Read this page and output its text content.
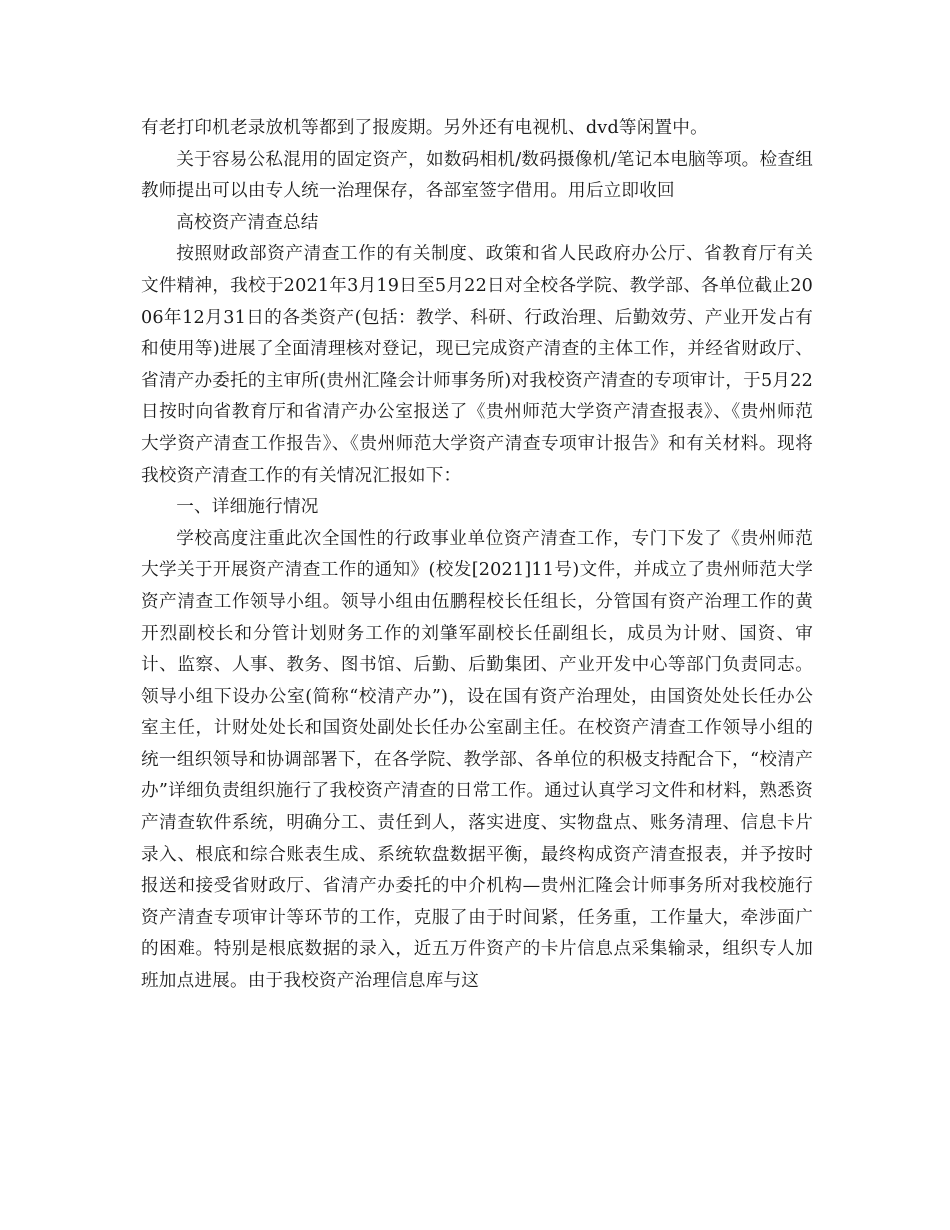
有老打印机老录放机等都到了报废期。另外还有电视机、dvd等闲置中。

关于容易公私混用的固定资产，如数码相机/数码摄像机/笔记本电脑等项。检查组教师提出可以由专人统一治理保存，各部室签字借用。用后立即收回

高校资产清查总结

按照财政部资产清查工作的有关制度、政策和省人民政府办公厅、省教育厅有关文件精神，我校于2021年3月19日至5月22日对全校各学院、教学部、各单位截止2006年12月31日的各类资产(包括：教学、科研、行政治理、后勤效劳、产业开发占有和使用等)进展了全面清理核对登记，现已完成资产清查的主体工作，并经省财政厅、省清产办委托的主审所(贵州汇隆会计师事务所)对我校资产清查的专项审计，于5月22日按时向省教育厅和省清产办公室报送了《贵州师范大学资产清查报表》、《贵州师范大学资产清查工作报告》、《贵州师范大学资产清查专项审计报告》和有关材料。现将我校资产清查工作的有关情况汇报如下：

一、详细施行情况

学校高度注重此次全国性的行政事业单位资产清查工作，专门下发了《贵州师范大学关于开展资产清查工作的通知》(校发[2021]11号)文件，并成立了贵州师范大学资产清查工作领导小组。领导小组由伍鹏程校长任组长，分管国有资产治理工作的黄开烈副校长和分管计划财务工作的刘肇军副校长任副组长，成员为计财、国资、审计、监察、人事、教务、图书馆、后勤、后勤集团、产业开发中心等部门负责同志。领导小组下设办公室(简称“校清产办”)，设在国有资产治理处，由国资处处长任办公室主任，计财处处长和国资处副处长任办公室副主任。在校资产清查工作领导小组的统一组织领导和协调部署下，在各学院、教学部、各单位的积极支持配合下，“校清产办”详细负责组织施行了我校资产清查的日常工作。通过认真学习文件和材料，熟悉资产清查软件系统，明确分工、责任到人，落实进度、实物盘点、账务清理、信息卡片录入、根底和综合账表生成、系统软盘数据平衡，最终构成资产清查报表，并予按时报送和接受省财政厅、省清产办委托的中介机构—贵州汇隆会计师事务所对我校施行资产清查专项审计等环节的工作，克服了由于时间紧，任务重，工作量大，牵涉面广的困难。特别是根底数据的录入，近五万件资产的卡片信息点采集输录，组织专人加班加点进展。由于我校资产治理信息库与这
